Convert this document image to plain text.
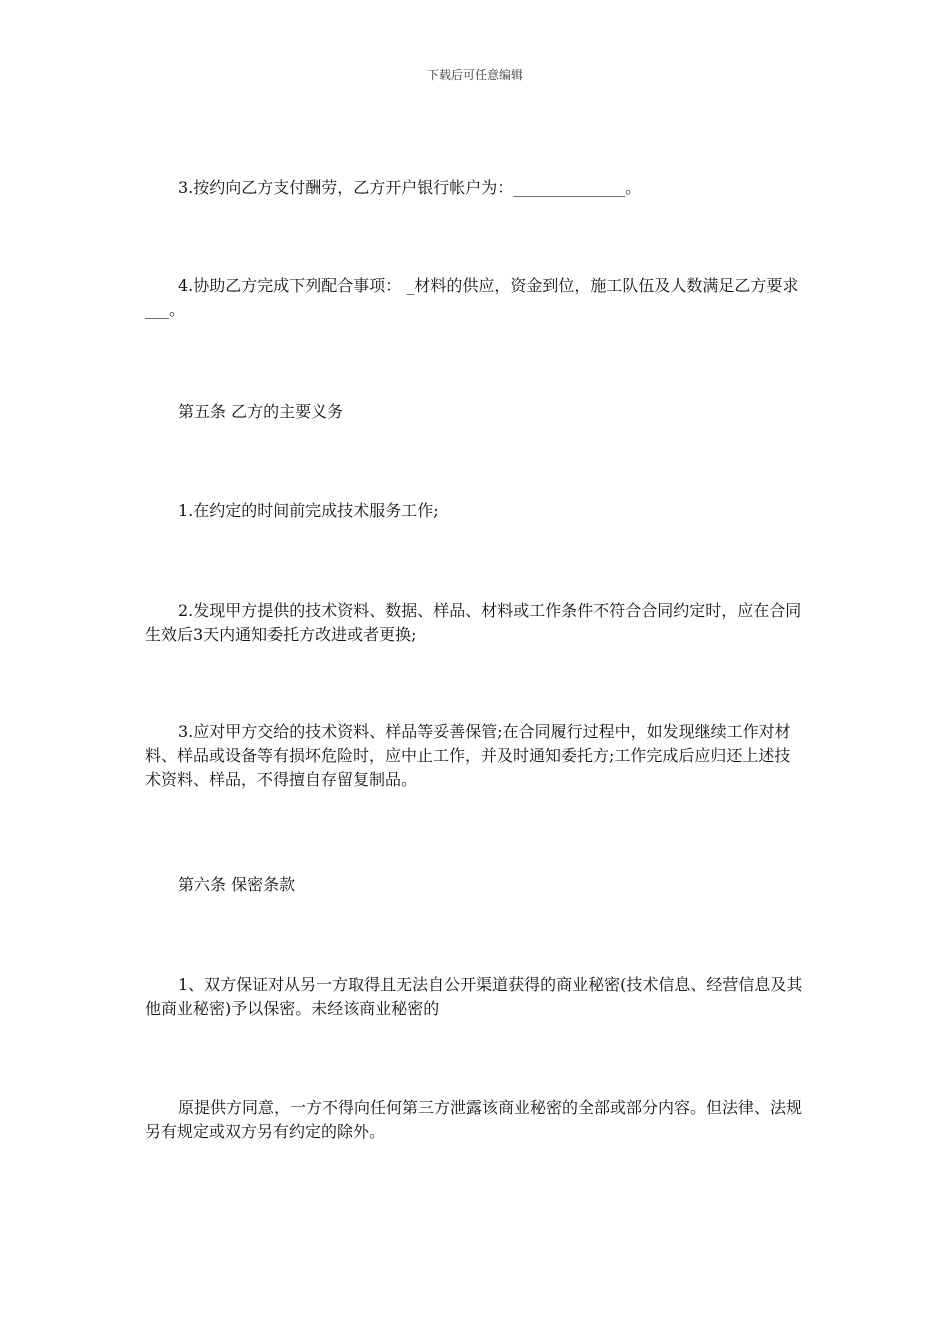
下载后可任意编辑
3.按约向乙方支付酬劳，乙方开户银行帐户为：______________。
4.协助乙方完成下列配合事项： _材料的供应，资金到位，施工队伍及人数满足乙方要求___。
第五条 乙方的主要义务
1.在约定的时间前完成技术服务工作;
2.发现甲方提供的技术资料、数据、样品、材料或工作条件不符合合同约定时，应在合同生效后3天内通知委托方改进或者更换;
3.应对甲方交给的技术资料、样品等妥善保管;在合同履行过程中，如发现继续工作对材料、样品或设备等有损坏危险时，应中止工作，并及时通知委托方;工作完成后应归还上述技术资料、样品，不得擅自存留复制品。
第六条 保密条款
1、双方保证对从另一方取得且无法自公开渠道获得的商业秘密(技术信息、经营信息及其他商业秘密)予以保密。未经该商业秘密的
原提供方同意，一方不得向任何第三方泄露该商业秘密的全部或部分内容。但法律、法规另有规定或双方另有约定的除外。
